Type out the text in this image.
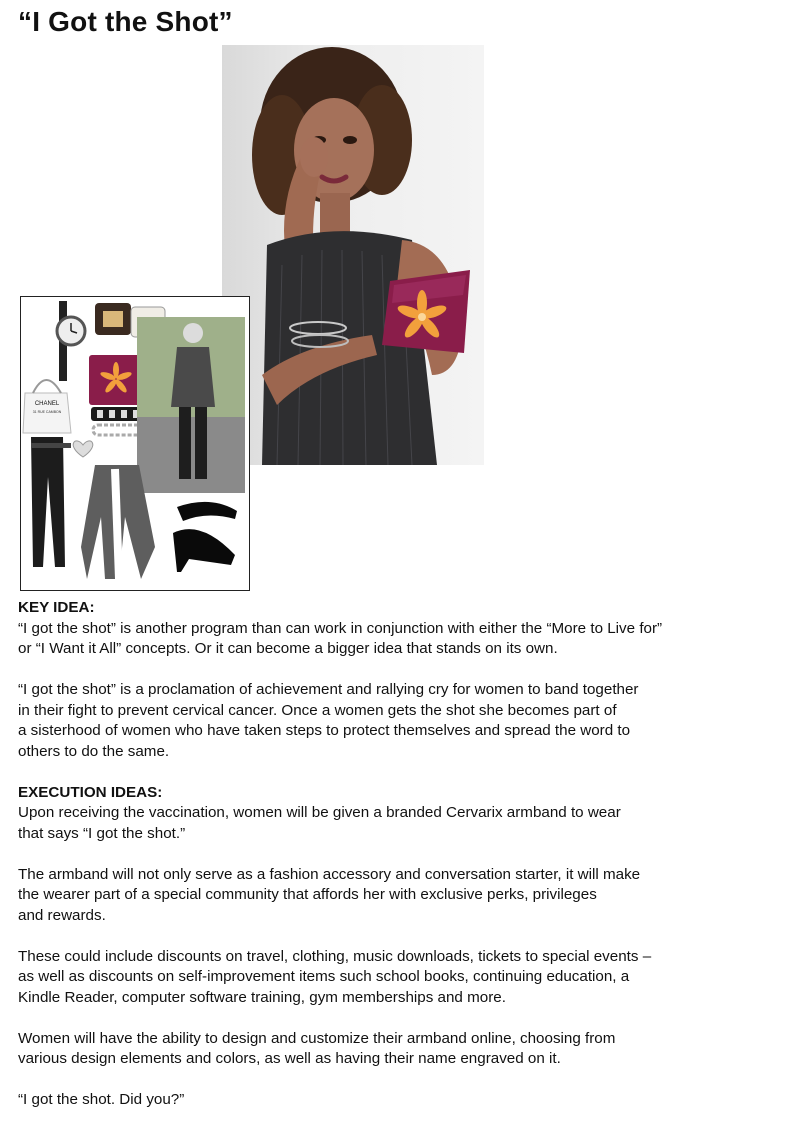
“I Got the Shot”
CHANEL
31 RUE CAMBON
KEY IDEA:

“I got the shot” is another program than can work in conjunction with either the “More to Live for”
or “I Want it All” concepts. Or it can become a bigger idea that stands on its own.

“I got the shot” is a proclamation of achievement and rallying cry for women to band together
in their fight to prevent cervical cancer. Once a women gets the shot she becomes part of
a sisterhood of women who have taken steps to protect themselves and spread the word to
others to do the same.

EXECUTION IDEAS:

Upon receiving the vaccination, women will be given a branded Cervarix armband to wear
that says “I got the shot.”

The armband will not only serve as a fashion accessory and conversation starter, it will make
the wearer part of a special community that affords her with exclusive perks, privileges
and rewards.

These could include discounts on travel, clothing, music downloads, tickets to special events –
as well as discounts on self-improvement items such school books, continuing education, a
Kindle Reader, computer software training, gym memberships and more.

Women will have the ability to design and customize their armband online, choosing from
various design elements and colors, as well as having their name engraved on it.

“I got the shot. Did you?”
